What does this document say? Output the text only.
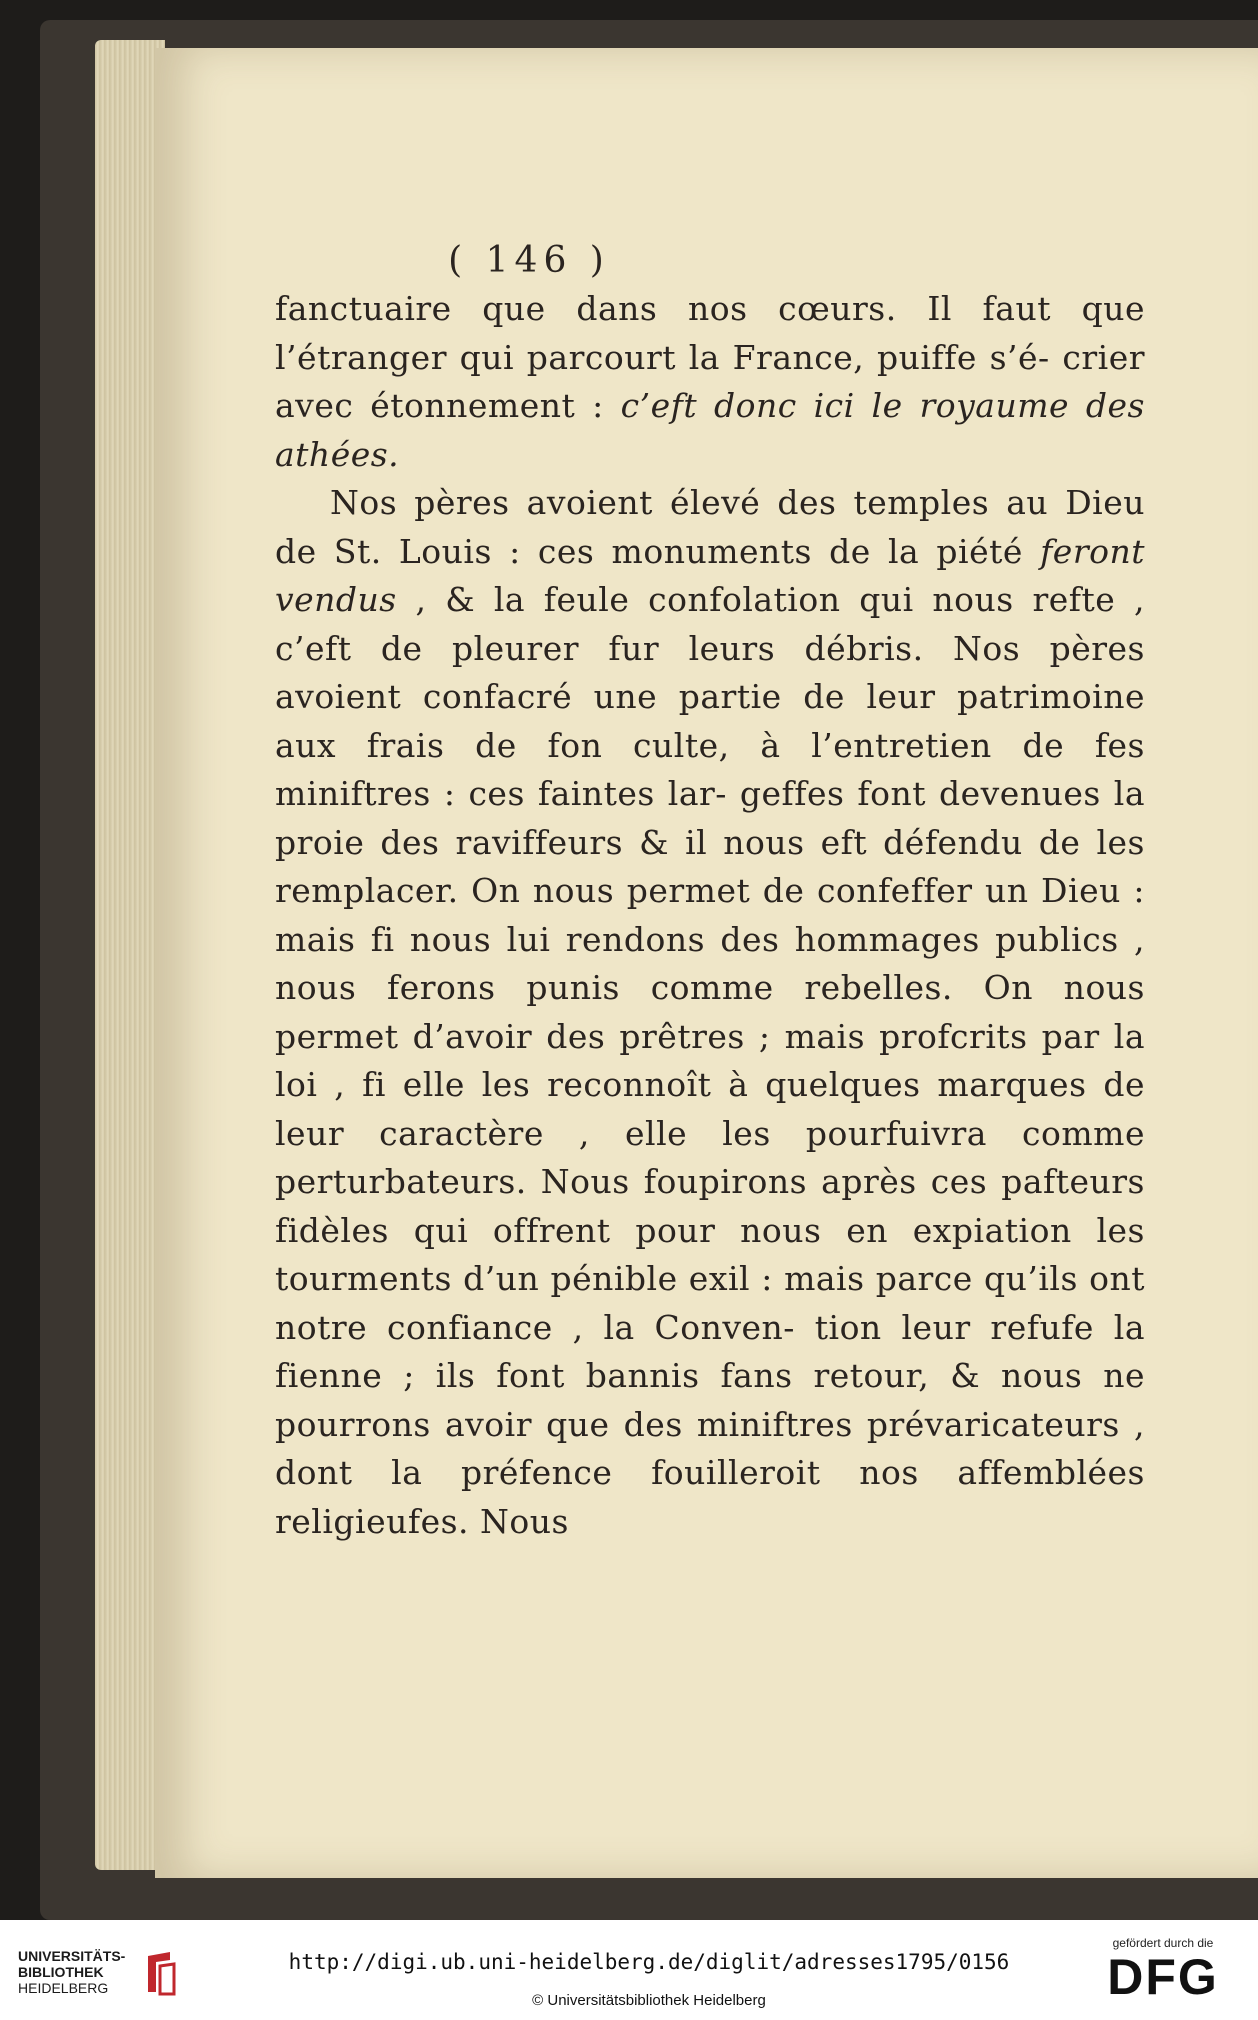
( 146 )

fanctuaire que dans nos cœurs. Il faut que l’étranger qui parcourt la France, puiffe s’é- crier avec étonnement : c’eft donc ici le royaume des athées.

Nos pères avoient élevé des temples au Dieu de St. Louis : ces monuments de la piété feront vendus , & la feule confolation qui nous refte , c’eft de pleurer fur leurs débris. Nos pères avoient confacré une partie de leur patrimoine aux frais de fon culte, à l’entretien de fes miniftres : ces faintes lar- geffes font devenues la proie des raviffeurs & il nous eft défendu de les remplacer. On nous permet de confeffer un Dieu : mais fi nous lui rendons des hommages publics , nous ferons punis comme rebelles. On nous permet d’avoir des prêtres ; mais profcrits par la loi , fi elle les reconnoît à quelques marques de leur caractère , elle les pourfuivra comme perturbateurs. Nous foupirons après ces pafteurs fidèles qui offrent pour nous en expiation les tourments d’un pénible exil : mais parce qu’ils ont notre confiance , la Conven- tion leur refufe la fienne ; ils font bannis fans retour, & nous ne pourrons avoir que des miniftres prévaricateurs , dont la préfence fouilleroit nos affemblées religieufes. Nous

UNIVERSITÄTS-
BIBLIOTHEK
HEIDELBERG
http://digi.ub.uni-heidelberg.de/diglit/adresses1795/0156
© Universitätsbibliothek Heidelberg
gefördert durch die
DFG
